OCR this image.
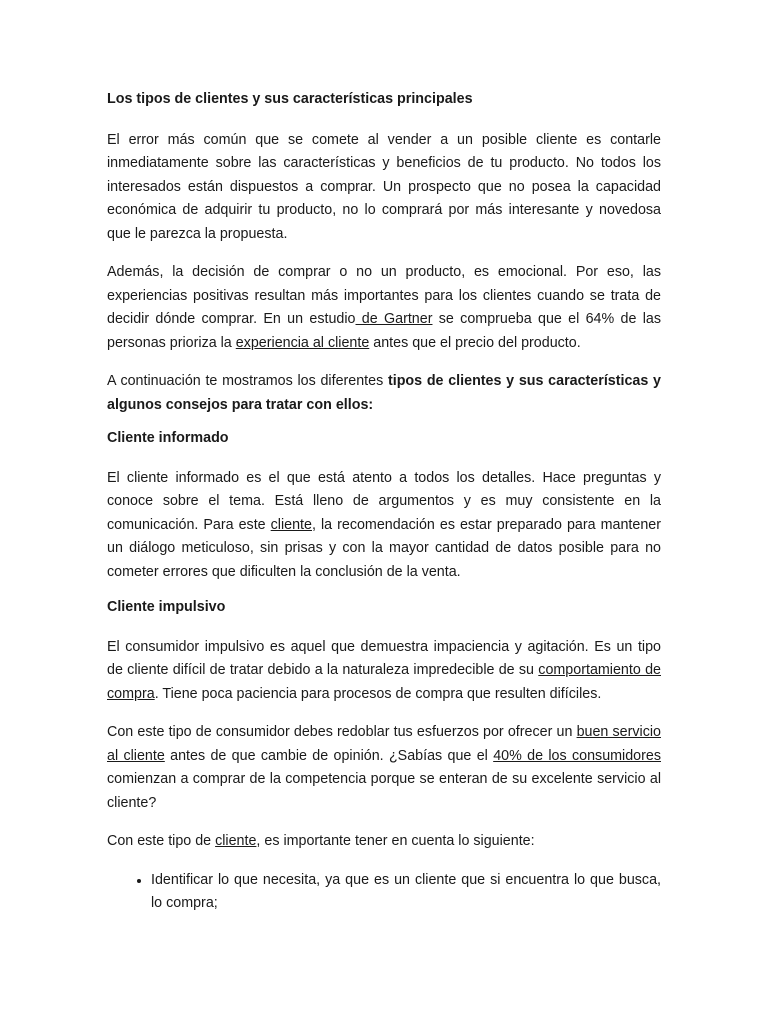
Los tipos de clientes y sus características principales

El error más común que se comete al vender a un posible cliente es contarle inmediatamente sobre las características y beneficios de tu producto. No todos los interesados están dispuestos a comprar. Un prospecto que no posea la capacidad económica de adquirir tu producto, no lo comprará por más interesante y novedosa que le parezca la propuesta.

Además, la decisión de comprar o no un producto, es emocional. Por eso, las experiencias positivas resultan más importantes para los clientes cuando se trata de decidir dónde comprar. En un estudio de Gartner se comprueba que el 64% de las personas prioriza la experiencia al cliente antes que el precio del producto.

A continuación te mostramos los diferentes tipos de clientes y sus características y algunos consejos para tratar con ellos:

Cliente informado

El cliente informado es el que está atento a todos los detalles. Hace preguntas y conoce sobre el tema. Está lleno de argumentos y es muy consistente en la comunicación. Para este cliente, la recomendación es estar preparado para mantener un diálogo meticuloso, sin prisas y con la mayor cantidad de datos posible para no cometer errores que dificulten la conclusión de la venta.

Cliente impulsivo

El consumidor impulsivo es aquel que demuestra impaciencia y agitación. Es un tipo de cliente difícil de tratar debido a la naturaleza impredecible de su comportamiento de compra. Tiene poca paciencia para procesos de compra que resulten difíciles.

Con este tipo de consumidor debes redoblar tus esfuerzos por ofrecer un buen servicio al cliente antes de que cambie de opinión. ¿Sabías que el 40% de los consumidores comienzan a comprar de la competencia porque se enteran de su excelente servicio al cliente?

Con este tipo de cliente, es importante tener en cuenta lo siguiente:

• Identificar lo que necesita, ya que es un cliente que si encuentra lo que busca, lo compra;
